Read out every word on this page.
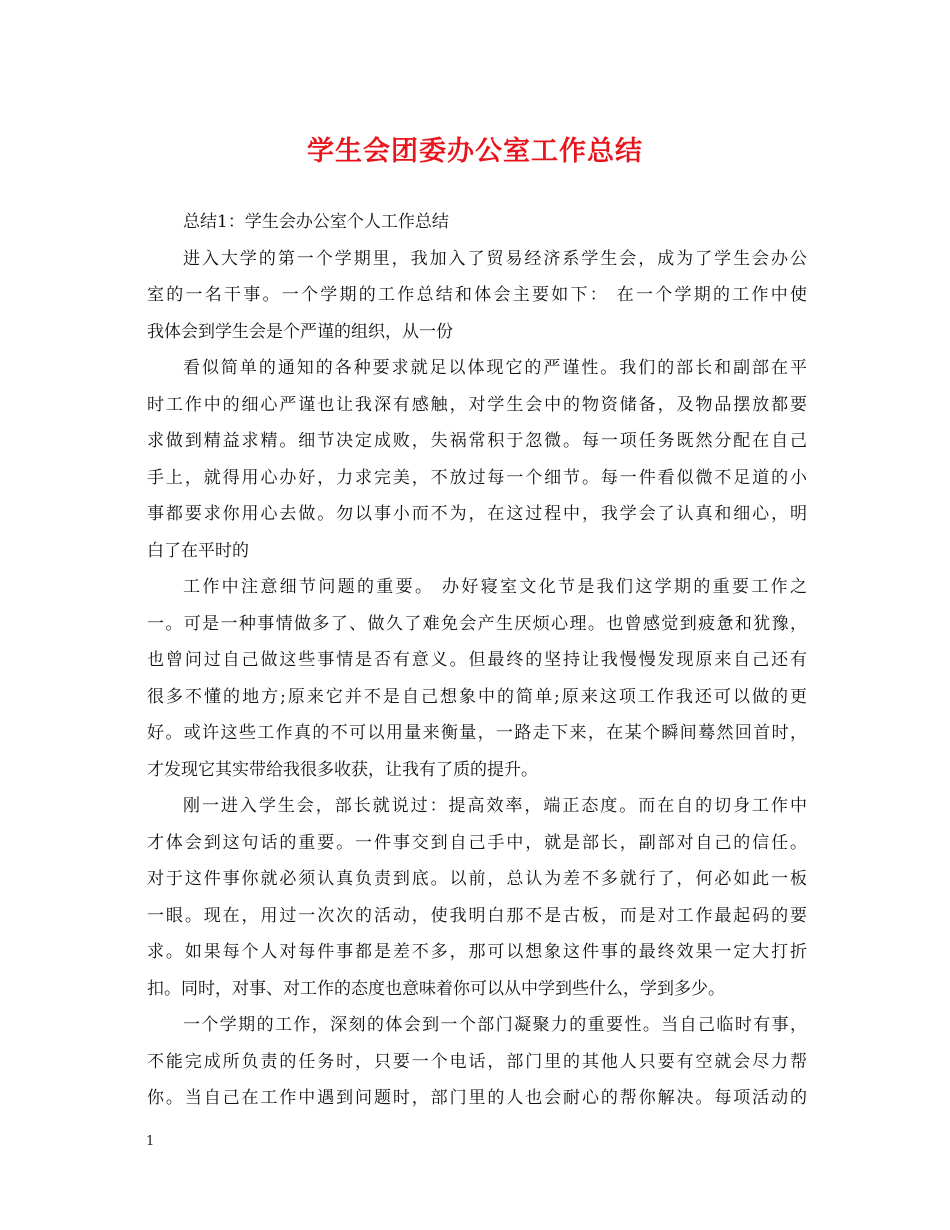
学生会团委办公室工作总结
总结1：学生会办公室个人工作总结
进入大学的第一个学期里，我加入了贸易经济系学生会，成为了学生会办公
室的一名干事。一个学期的工作总结和体会主要如下： 在一个学期的工作中使
我体会到学生会是个严谨的组织，从一份
看似简单的通知的各种要求就足以体现它的严谨性。我们的部长和副部在平
时工作中的细心严谨也让我深有感触，对学生会中的物资储备，及物品摆放都要
求做到精益求精。细节决定成败，失祸常积于忽微。每一项任务既然分配在自己
手上，就得用心办好，力求完美，不放过每一个细节。每一件看似微不足道的小
事都要求你用心去做。勿以事小而不为，在这过程中，我学会了认真和细心，明
白了在平时的
工作中注意细节问题的重要。 办好寝室文化节是我们这学期的重要工作之
一。可是一种事情做多了、做久了难免会产生厌烦心理。也曾感觉到疲惫和犹豫，
也曾问过自己做这些事情是否有意义。但最终的坚持让我慢慢发现原来自己还有
很多不懂的地方;原来它并不是自己想象中的简单;原来这项工作我还可以做的更
好。或许这些工作真的不可以用量来衡量，一路走下来，在某个瞬间蓦然回首时，
才发现它其实带给我很多收获，让我有了质的提升。
刚一进入学生会，部长就说过：提高效率，端正态度。而在自的切身工作中
才体会到这句话的重要。一件事交到自己手中，就是部长，副部对自己的信任。
对于这件事你就必须认真负责到底。以前，总认为差不多就行了，何必如此一板
一眼。现在，用过一次次的活动，使我明白那不是古板，而是对工作最起码的要
求。如果每个人对每件事都是差不多，那可以想象这件事的最终效果一定大打折
扣。同时，对事、对工作的态度也意味着你可以从中学到些什么，学到多少。
一个学期的工作，深刻的体会到一个部门凝聚力的重要性。当自己临时有事，
不能完成所负责的任务时，只要一个电话，部门里的其他人只要有空就会尽力帮
你。当自己在工作中遇到问题时，部门里的人也会耐心的帮你解决。每项活动的
1
